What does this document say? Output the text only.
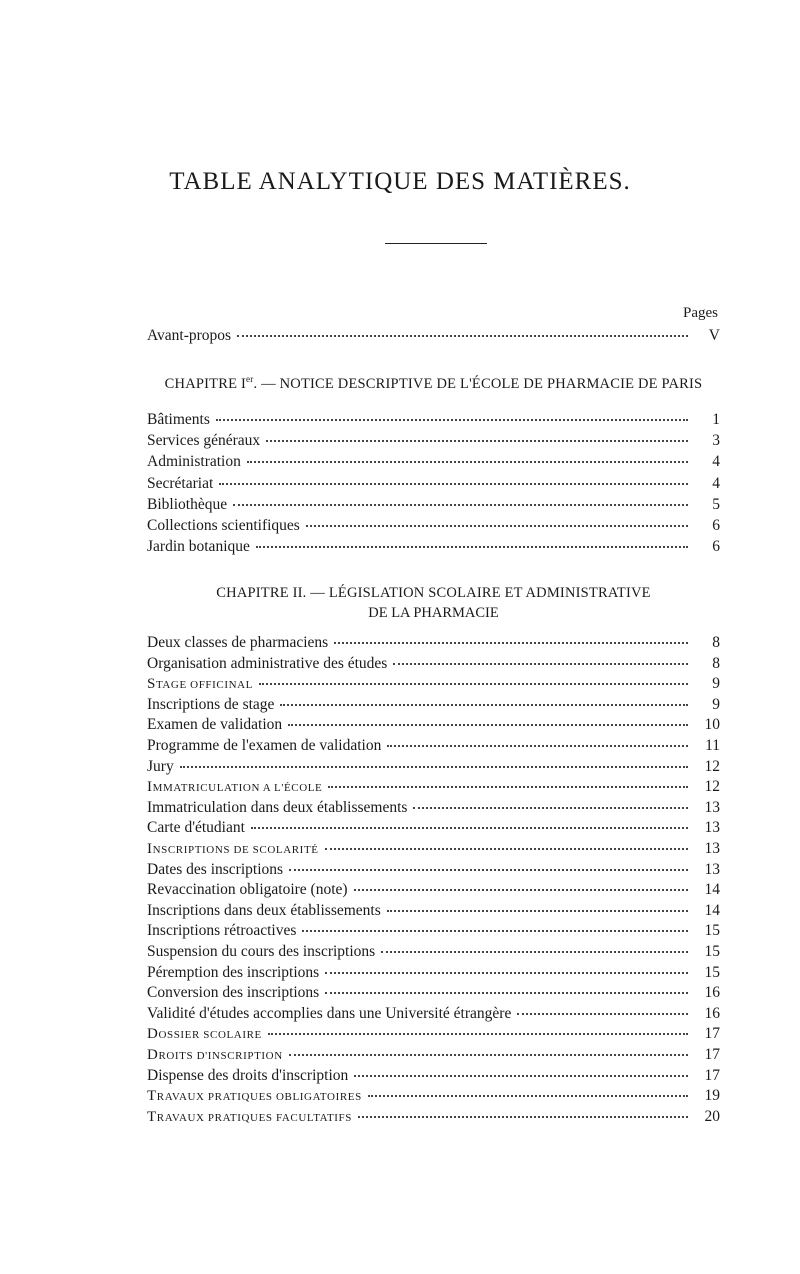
TABLE ANALYTIQUE DES MATIÈRES.
Pages
Avant-propos	V
CHAPITRE Ier. — NOTICE DESCRIPTIVE DE L'ÉCOLE DE PHARMACIE DE PARIS
Bâtiments	1
Services généraux	3
Administration	4
Secrétariat	4
Bibliothèque	5
Collections scientifiques	6
Jardin botanique	6
CHAPITRE II. — LÉGISLATION SCOLAIRE ET ADMINISTRATIVE
DE LA PHARMACIE
Deux classes de pharmaciens	8
Organisation administrative des études	8
STAGE OFFICINAL	9
Inscriptions de stage	9
Examen de validation	10
Programme de l'examen de validation	11
Jury	12
IMMATRICULATION A L'ÉCOLE	12
Immatriculation dans deux établissements	13
Carte d'étudiant	13
INSCRIPTIONS DE SCOLARITÉ	13
Dates des inscriptions	13
Revaccination obligatoire (note)	14
Inscriptions dans deux établissements	14
Inscriptions rétroactives	15
Suspension du cours des inscriptions	15
Péremption des inscriptions	15
Conversion des inscriptions	16
Validité d'études accomplies dans une Université étrangère	16
DOSSIER SCOLAIRE	17
DROITS D'INSCRIPTION	17
Dispense des droits d'inscription	17
TRAVAUX PRATIQUES OBLIGATOIRES	19
TRAVAUX PRATIQUES FACULTATIFS	20
